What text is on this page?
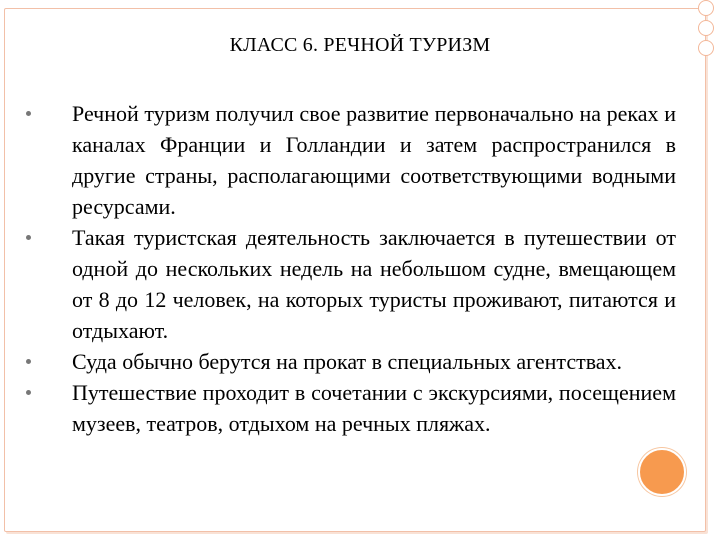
КЛАСС 6. РЕЧНОЙ ТУРИЗМ
Речной туризм получил свое развитие первоначально на реках и каналах Франции и Голландии и затем распространился в другие страны, располагающими соответствующими водными ресурсами.
Такая туристская деятельность заключается в путешествии от одной до нескольких недель на небольшом судне, вмещающем от 8 до 12 человек, на которых туристы проживают, питаются и отдыхают.
Суда обычно берутся на прокат в специальных агентствах.
Путешествие проходит в сочетании с экскурсиями, посещением музеев, театров, отдыхом на речных пляжах.
